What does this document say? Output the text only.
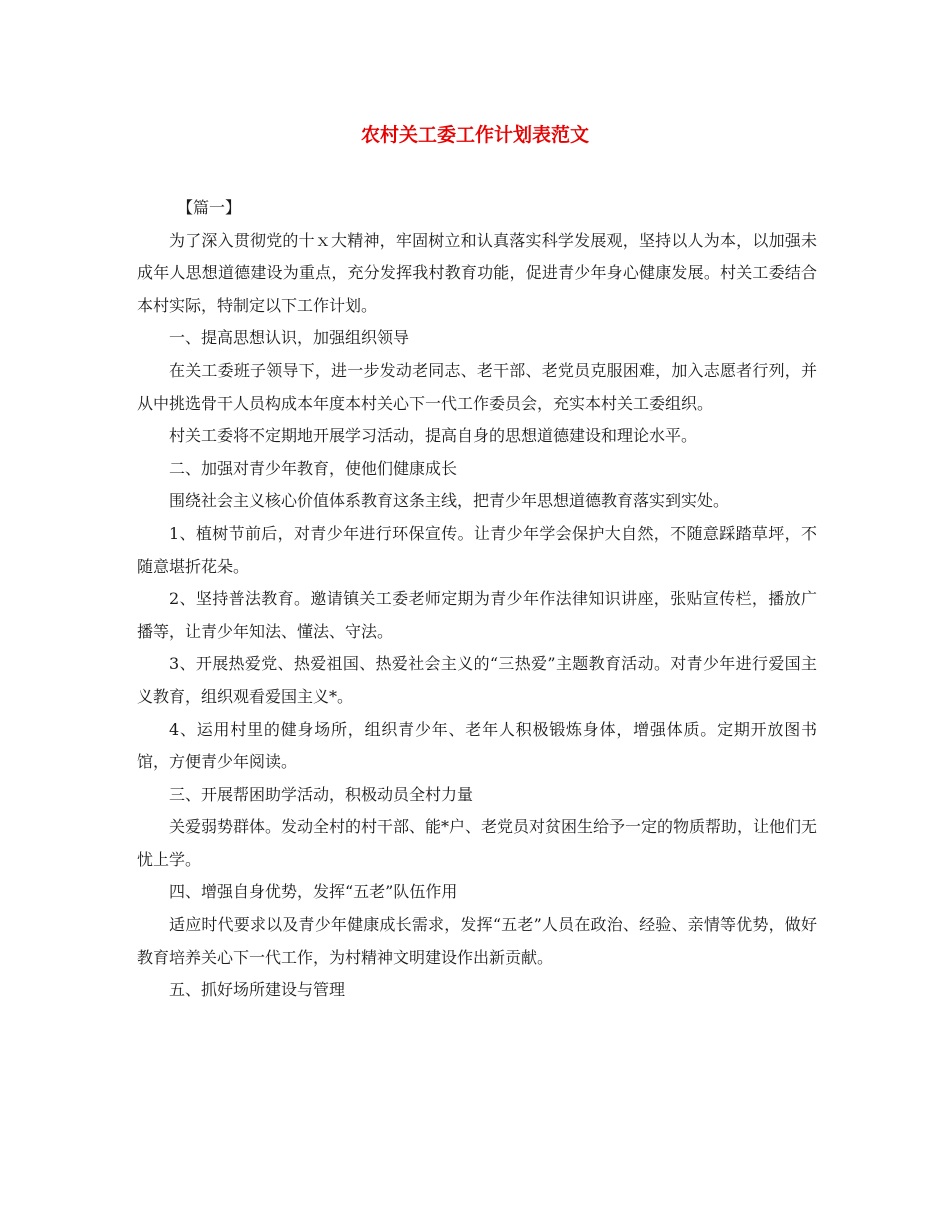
农村关工委工作计划表范文

【篇一】

为了深入贯彻党的十ｘ大精神，牢固树立和认真落实科学发展观，坚持以人为本，以加强未成年人思想道德建设为重点，充分发挥我村教育功能，促进青少年身心健康发展。村关工委结合本村实际，特制定以下工作计划。

一、提高思想认识，加强组织领导

在关工委班子领导下，进一步发动老同志、老干部、老党员克服困难，加入志愿者行列，并从中挑选骨干人员构成本年度本村关心下一代工作委员会，充实本村关工委组织。

村关工委将不定期地开展学习活动，提高自身的思想道德建设和理论水平。

二、加强对青少年教育，使他们健康成长

围绕社会主义核心价值体系教育这条主线，把青少年思想道德教育落实到实处。

1、植树节前后，对青少年进行环保宣传。让青少年学会保护大自然，不随意踩踏草坪，不随意堪折花朵。

2、坚持普法教育。邀请镇关工委老师定期为青少年作法律知识讲座，张贴宣传栏，播放广播等，让青少年知法、懂法、守法。

3、开展热爱党、热爱祖国、热爱社会主义的“三热爱”主题教育活动。对青少年进行爱国主义教育，组织观看爱国主义*。

4、运用村里的健身场所，组织青少年、老年人积极锻炼身体，增强体质。定期开放图书馆，方便青少年阅读。

三、开展帮困助学活动，积极动员全村力量

关爱弱势群体。发动全村的村干部、能*户、老党员对贫困生给予一定的物质帮助，让他们无忧上学。

四、增强自身优势，发挥“五老”队伍作用

适应时代要求以及青少年健康成长需求，发挥“五老”人员在政治、经验、亲情等优势，做好教育培养关心下一代工作，为村精神文明建设作出新贡献。

五、抓好场所建设与管理
